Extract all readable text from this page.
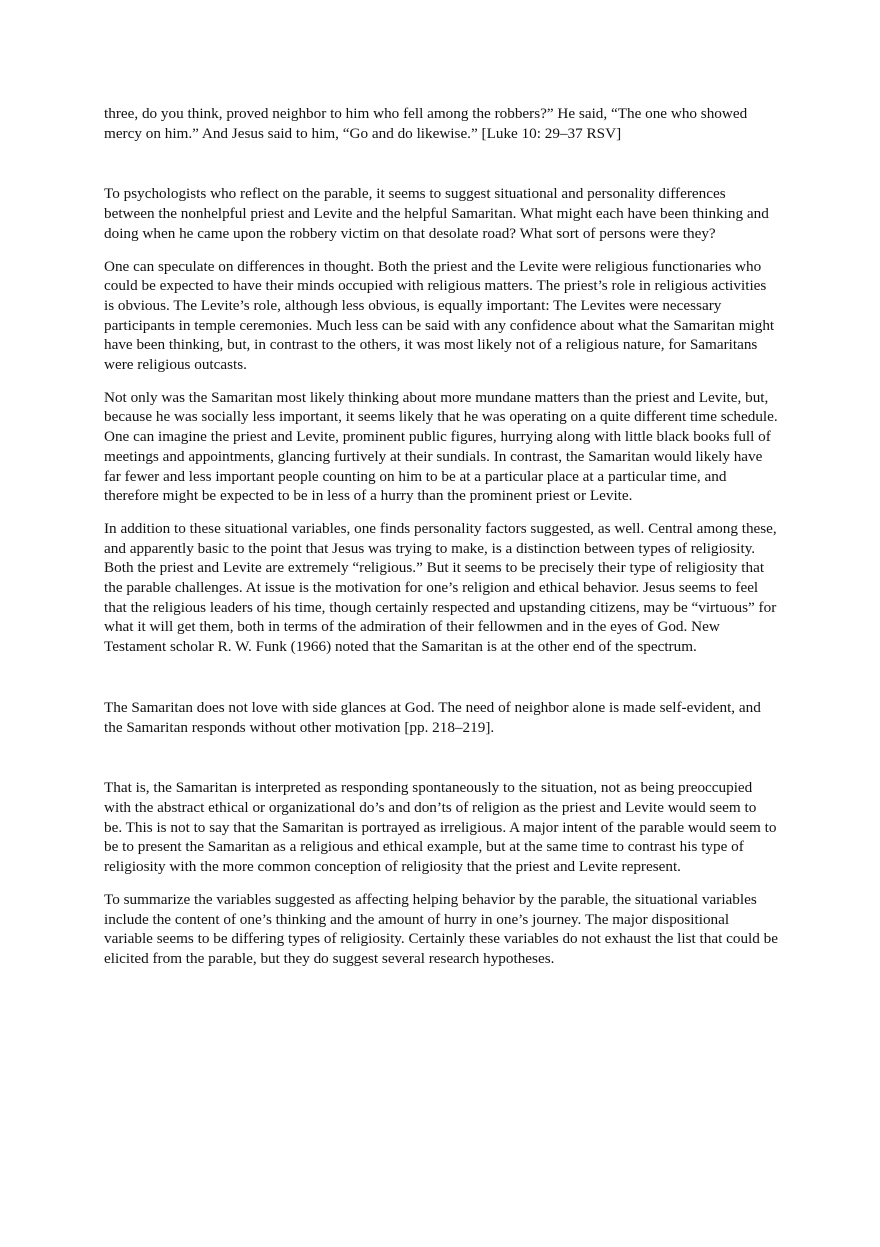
three, do you think, proved neighbor to him who fell among the robbers?” He said, “The one who showed mercy on him.” And Jesus said to him, “Go and do likewise.” [Luke 10: 29–37 RSV]

To psychologists who reflect on the parable, it seems to suggest situational and personality differences between the nonhelpful priest and Levite and the helpful Samaritan. What might each have been thinking and doing when he came upon the robbery victim on that desolate road? What sort of persons were they?

One can speculate on differences in thought. Both the priest and the Levite were religious functionaries who could be expected to have their minds occupied with religious matters. The priest’s role in religious activities is obvious. The Levite’s role, although less obvious, is equally important: The Levites were necessary participants in temple ceremonies. Much less can be said with any confidence about what the Samaritan might have been thinking, but, in contrast to the others, it was most likely not of a religious nature, for Samaritans were religious outcasts.

Not only was the Samaritan most likely thinking about more mundane matters than the priest and Levite, but, because he was socially less important, it seems likely that he was operating on a quite different time schedule. One can imagine the priest and Levite, prominent public figures, hurrying along with little black books full of meetings and appointments, glancing furtively at their sundials. In contrast, the Samaritan would likely have far fewer and less important people counting on him to be at a particular place at a particular time, and therefore might be expected to be in less of a hurry than the prominent priest or Levite.

In addition to these situational variables, one finds personality factors suggested, as well. Central among these, and apparently basic to the point that Jesus was trying to make, is a distinction between types of religiosity. Both the priest and Levite are extremely “religious.” But it seems to be precisely their type of religiosity that the parable challenges. At issue is the motivation for one’s religion and ethical behavior. Jesus seems to feel that the religious leaders of his time, though certainly respected and upstanding citizens, may be “virtuous” for what it will get them, both in terms of the admiration of their fellowmen and in the eyes of God. New Testament scholar R. W. Funk (1966) noted that the Samaritan is at the other end of the spectrum.

The Samaritan does not love with side glances at God. The need of neighbor alone is made self-evident, and the Samaritan responds without other motivation [pp. 218–219].

That is, the Samaritan is interpreted as responding spontaneously to the situation, not as being preoccupied with the abstract ethical or organizational do’s and don’ts of religion as the priest and Levite would seem to be. This is not to say that the Samaritan is portrayed as irreligious. A major intent of the parable would seem to be to present the Samaritan as a religious and ethical example, but at the same time to contrast his type of religiosity with the more common conception of religiosity that the priest and Levite represent.

To summarize the variables suggested as affecting helping behavior by the parable, the situational variables include the content of one’s thinking and the amount of hurry in one’s journey. The major dispositional variable seems to be differing types of religiosity. Certainly these variables do not exhaust the list that could be elicited from the parable, but they do suggest several research hypotheses.
